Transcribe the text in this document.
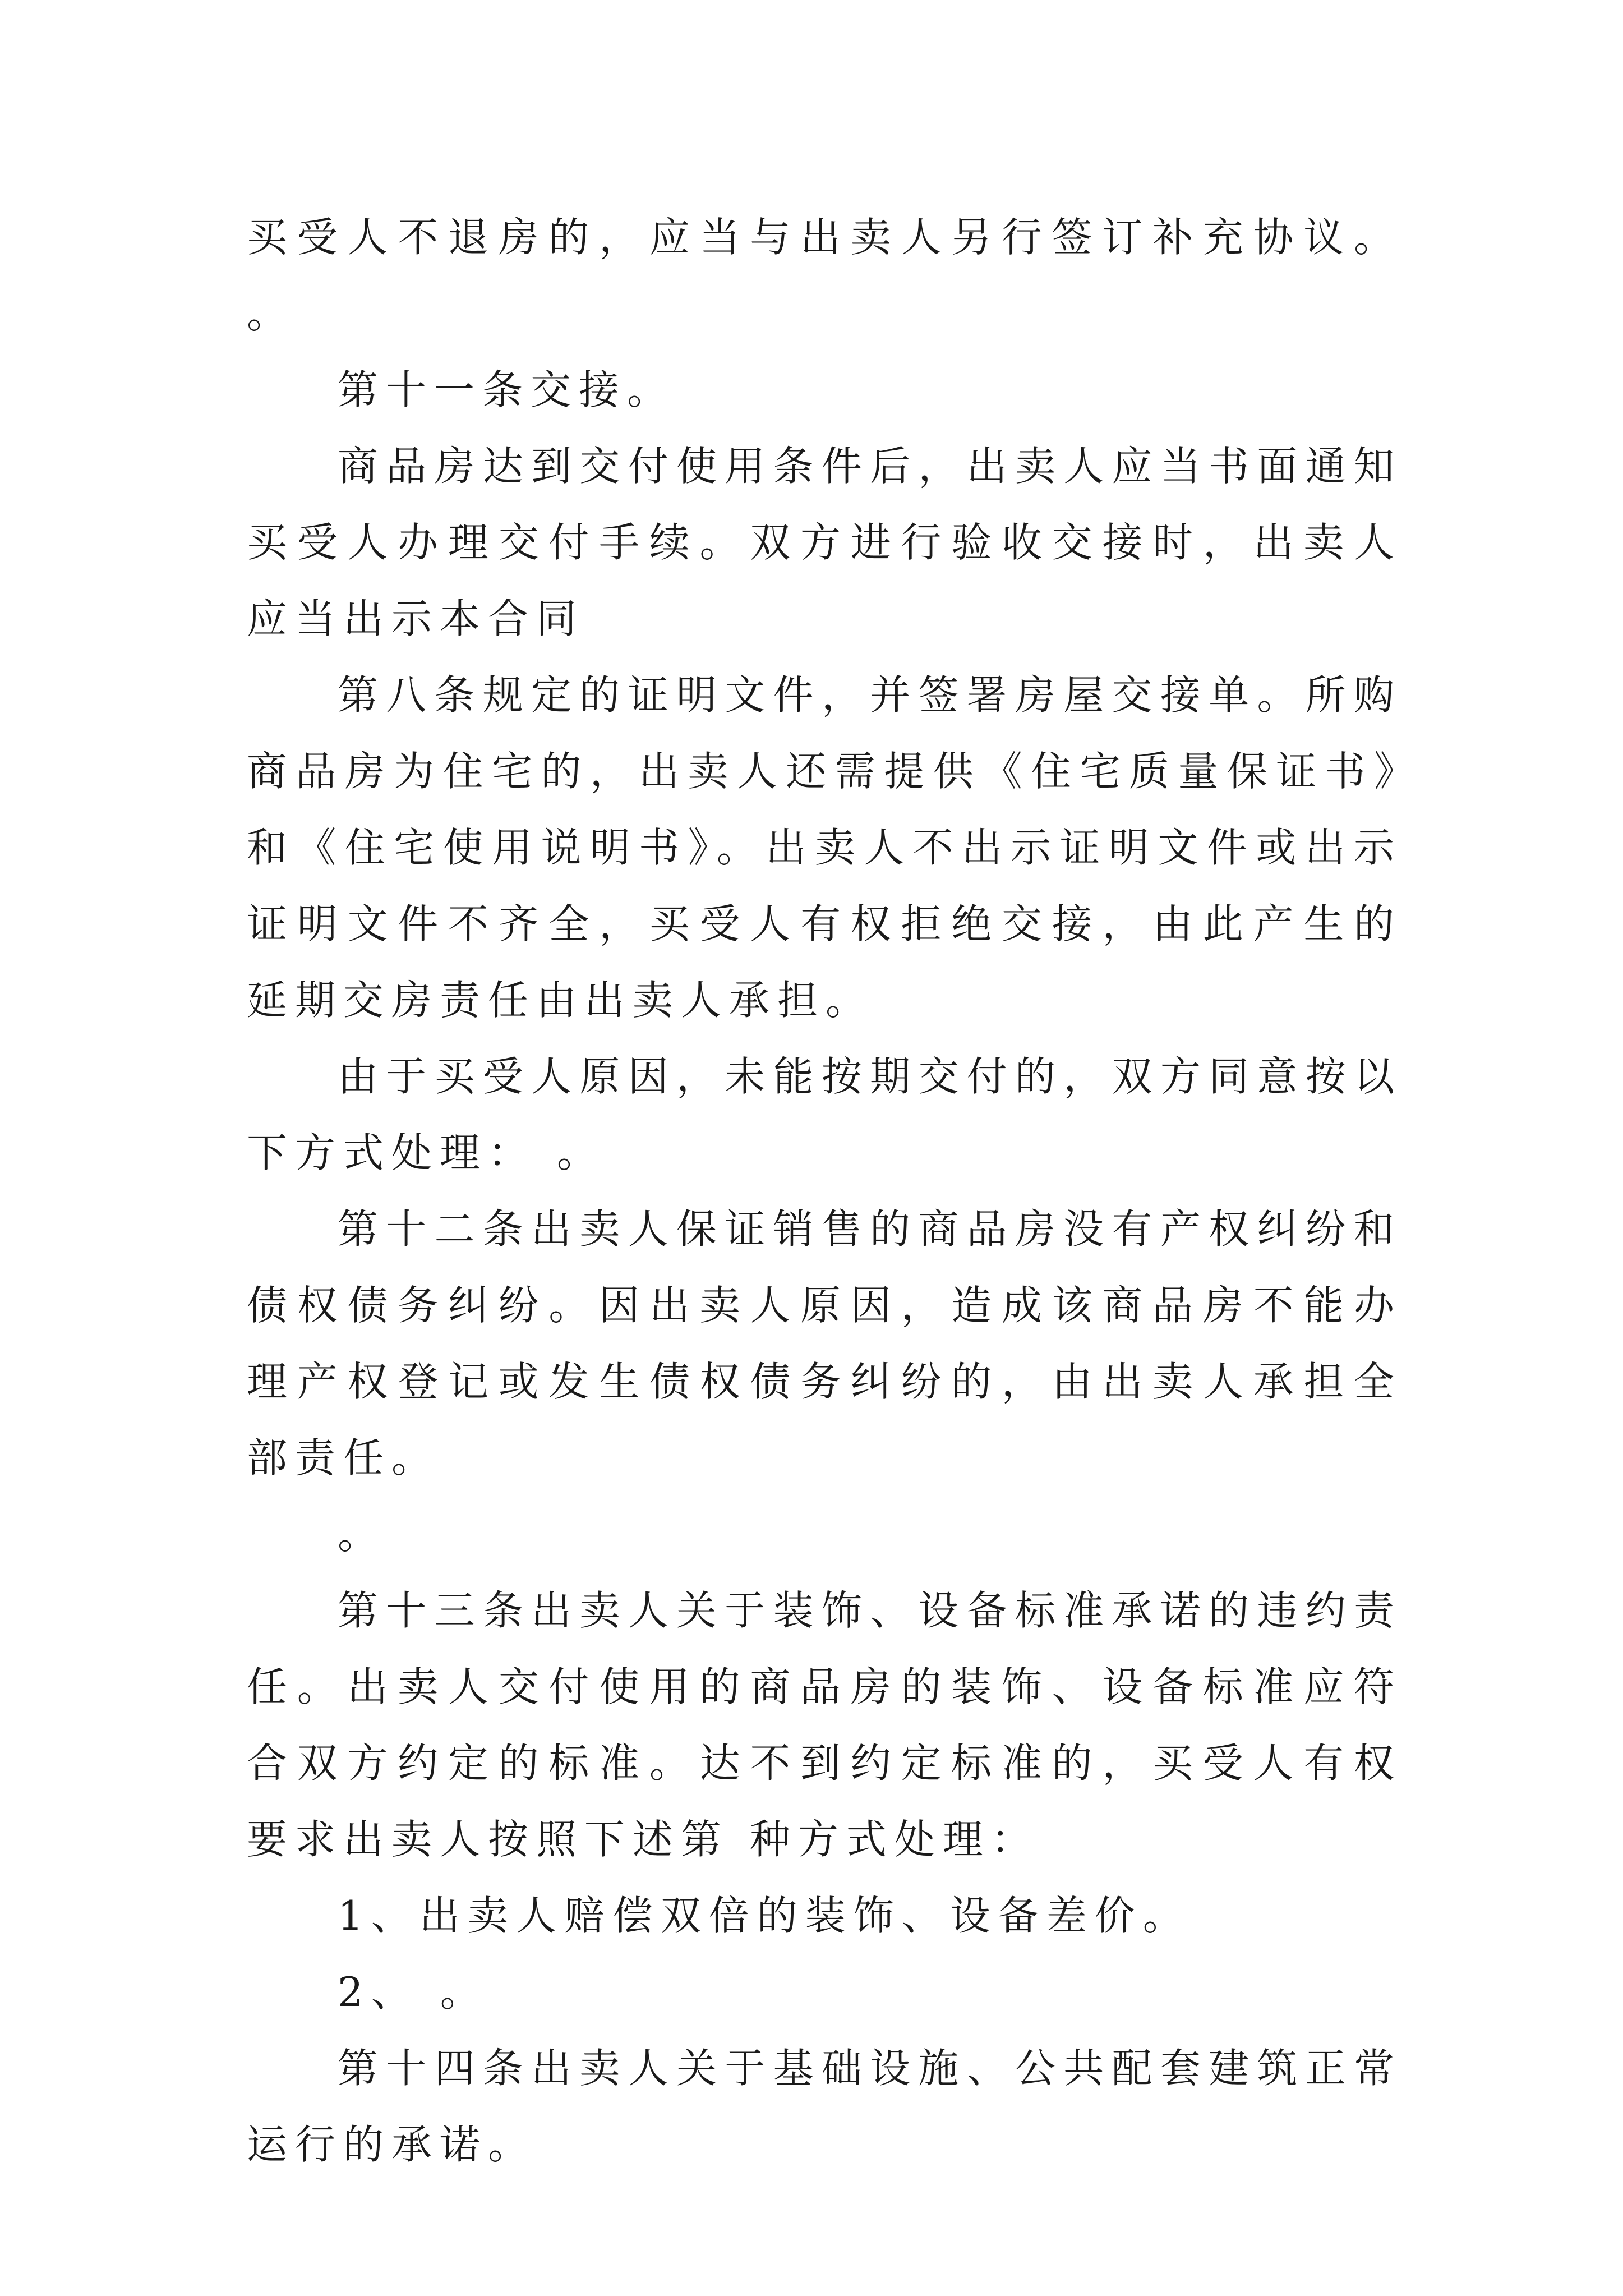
买受人不退房的，应当与出卖人另行签订补充协议。 。

第十一条交接。

商品房达到交付使用条件后，出卖人应当书面通知买受人办理交付手续。双方进行验收交接时，出卖人应当出示本合同

第八条规定的证明文件，并签署房屋交接单。所购商品房为住宅的，出卖人还需提供《住宅质量保证书》和《住宅使用说明书》。出卖人不出示证明文件或出示证明文件不齐全，买受人有权拒绝交接，由此产生的延期交房责任由出卖人承担。

由于买受人原因，未能按期交付的，双方同意按以下方式处理： 。

第十二条出卖人保证销售的商品房没有产权纠纷和债权债务纠纷。因出卖人原因，造成该商品房不能办理产权登记或发生债权债务纠纷的，由出卖人承担全部责任。

。

第十三条出卖人关于装饰、设备标准承诺的违约责任。出卖人交付使用的商品房的装饰、设备标准应符合双方约定的标准。达不到约定标准的，买受人有权要求出卖人按照下述第 种方式处理：

1、出卖人赔偿双倍的装饰、设备差价。

2、 。

第十四条出卖人关于基础设施、公共配套建筑正常运行的承诺。
